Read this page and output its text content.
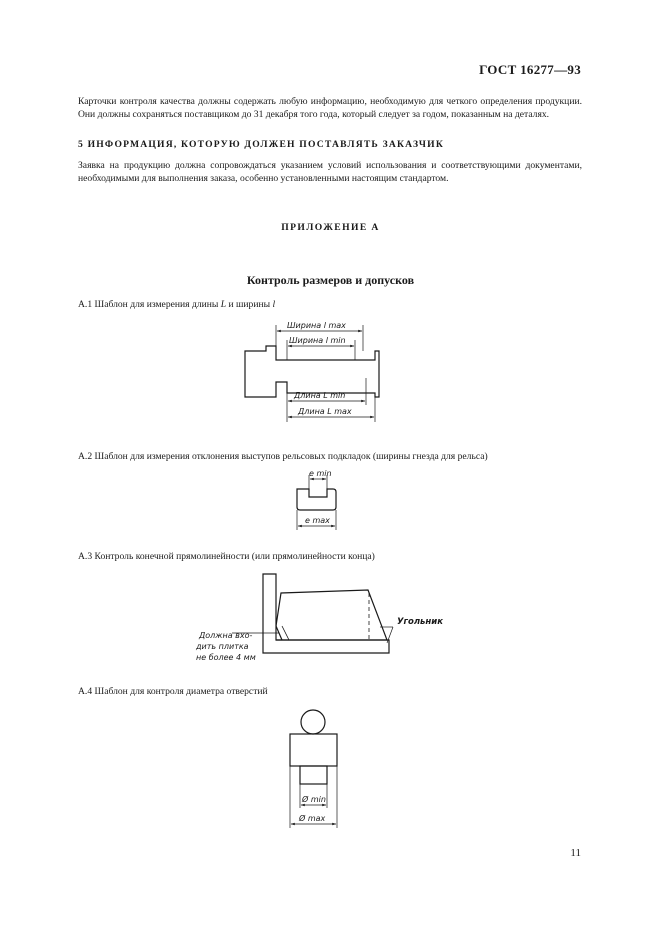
ГОСТ 16277—93
Карточки контроля качества должны содержать любую информацию, необходимую для четкого определения продукции. Они должны сохраняться поставщиком до 31 декабря того года, который следует за годом, показанным на деталях.
5 ИНФОРМАЦИЯ, КОТОРУЮ ДОЛЖЕН ПОСТАВЛЯТЬ ЗАКАЗЧИК
Заявка на продукцию должна сопровождаться указанием условий использования и соответствующими документами, необходимыми для выполнения заказа, особенно установленными настоящим стандартом.
ПРИЛОЖЕНИЕ А
Контроль размеров и допусков
А.1 Шаблон для измерения длины L и ширины l
А.2 Шаблон для измерения отклонения выступов рельсовых подкладок (ширины гнезда для рельса)
А.3 Контроль конечной прямолинейности (или прямолинейности конца)
А.4 Шаблон для контроля диаметра отверстий
Ширина l max
Ширина l min
Длина L min
Длина L max
e min
e max
Должна вхо-
дить плитка
не более 4 мм
Угольник
Ø min
Ø max
11
